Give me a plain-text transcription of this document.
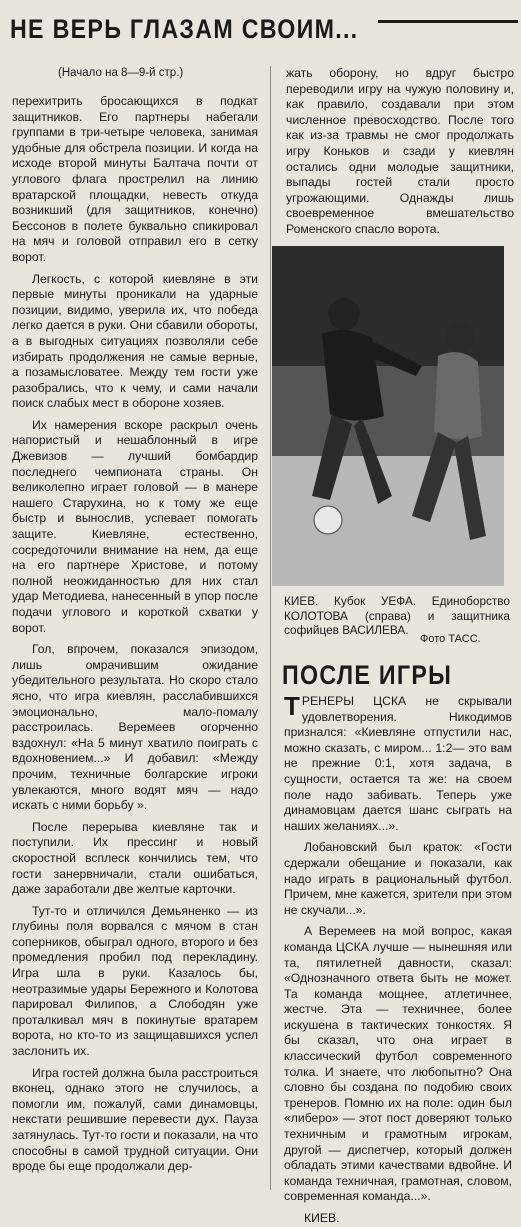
НЕ ВЕРЬ ГЛАЗАМ СВОИМ...
(Начало на 8—9-й стр.)

перехитрить бросающихся в подкат защитников. Его партнеры набегали группами в три-четыре человека, занимая удобные для обстрела позиции. И когда на исходе второй минуты Балтача почти от углового флага прострелил на линию вратарской площадки, невесть откуда возникший (для защитников, конечно) Бессонов в полете буквально спикировал на мяч и головой отправил его в сетку ворот.

Легкость, с которой киевляне в эти первые минуты проникали на ударные позиции, видимо, уверила их, что победа легко дается в руки. Они сбавили обороты, а в выгодных ситуациях позволяли себе избирать продолжения не самые верные, а позамысловатее. Между тем гости уже разобрались, что к чему, и сами начали поиск слабых мест в обороне хозяев.

Их намерения вскоре раскрыл очень напористый и нешаблонный в игре Джевизов — лучший бомбардир последнего чемпионата страны. Он великолепно играет головой — в манере нашего Старухина, но к тому же еще быстр и вынослив, успевает помогать защите. Киевляне, естественно, сосредоточили внимание на нем, да еще на его партнере Христове, и потому полной неожиданностью для них стал удар Методиева, нанесенный в упор после подачи углового и короткой схватки у ворот.

Гол, впрочем, показался эпизодом, лишь омрачившим ожидание убедительного результата. Но скоро стало ясно, что игра киевлян, расслабившихся эмоционально, мало-помалу расстроилась. Веремеев огорченно вздохнул: «На 5 минут хватило поиграть с вдохновением...» И добавил: «Между прочим, техничные болгарские игроки увлекаются, много водят мяч — надо искать с ними борьбу ».

После перерыва киевляне так и поступили. Их прессинг и новый скоростной всплеск кончились тем, что гости занервничали, стали ошибаться, даже заработали две желтые карточки.

Тут-то и отличился Демьяненко — из глубины поля ворвался с мячом в стан соперников, обыграл одного, второго и без промедления пробил под перекладину. Игра шла в руки. Казалось бы, неотразимые удары Бережного и Колотова парировал Филипов, а Слободян уже проталкивал мяч в покинутые вратарем ворота, но кто-то из защищавшихся успел заслонить их.

Игра гостей должна была расстроиться вконец, однако этого не случилось, а помогли им, пожалуй, сами динамовцы, некстати решившие перевести дух. Пауза затянулась. Тут-то гости и показали, на что способны в самой трудной ситуации. Они вроде бы еще продолжали дер-

жать оборону, но вдруг быстро переводили игру на чужую половину и, как правило, создавали при этом численное превосходство. После того как из-за травмы не смог продолжать игру Коньков и сзади у киевлян остались одни молодые защитники, выпады гостей стали просто угрожающими. Однажды лишь своевременное вмешательство Роменского спасло ворота.

КИЕВ. Кубок УЕФА. Единоборство КОЛОТОВА (справа) и защитника софийцев ВАСИЛЕВА.
Фото ТАСС.
ПОСЛЕ ИГРЫ

ТРЕНЕРЫ ЦСКА не скрывали удовлетворения. Никодимов признался: «Киевляне отпустили нас, можно сказать, с миром... 1:2— это вам не прежние 0:1, хотя задача, в сущности, остается та же: на своем поле надо забивать. Теперь уже динамовцам дается шанс сыграть на наших желаниях...».

Лобановский был краток: «Гости сдержали обещание и показали, как надо играть в рациональный футбол. Причем, мне кажется, зрители при этом не скучали...».

А Веремеев на мой вопрос, какая команда ЦСКА лучше — нынешняя или та, пятилетней давности, сказал: «Однозначного ответа быть не может. Та команда мощнее, атлетичнее, жестче. Эта — техничнее, более искушена в тактических тонкостях. Я бы сказал, что она играет в классический футбол современного толка. И знаете, что любопытно? Она словно бы создана по подобию своих тренеров. Помню их на поле: один был «либеро» — этот пост доверяют только техничным и грамотным игрокам, другой — диспетчер, который должен обладать этими качествами вдвойне. И команда техничная, грамотная, словом, современная команда...».

КИЕВ.
